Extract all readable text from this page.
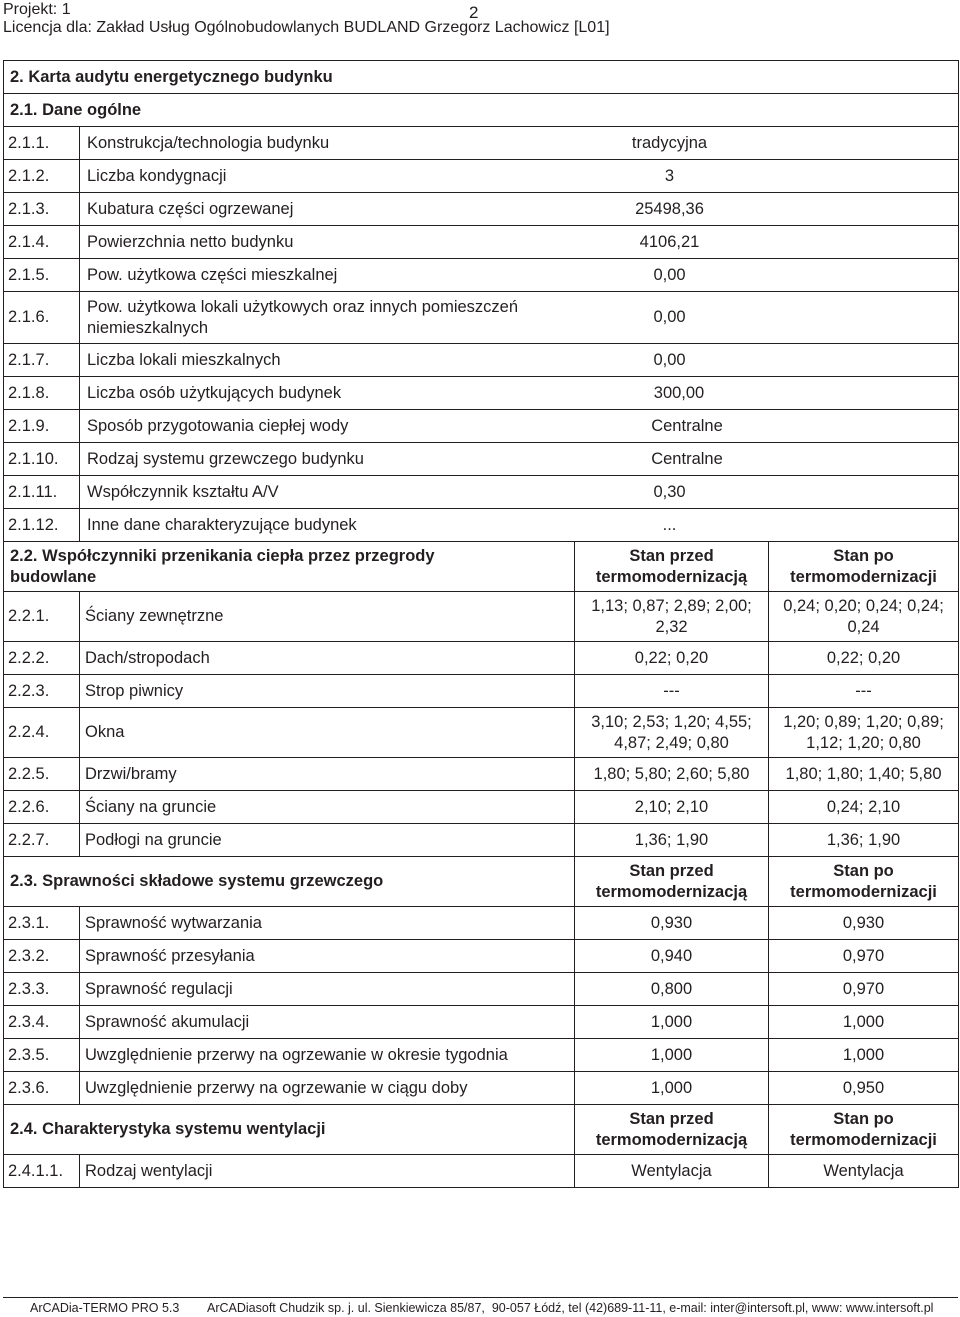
Projekt: 1	2
Licencja dla: Zakład Usług Ogólnobudowlanych BUDLAND Grzegorz Lachowicz [L01]
2. Karta audytu energetycznego budynku			
2.1. Dane ogólne			
2.1.1.	Konstrukcja/technologia budynku tradycyjna		

2.1.2.	Liczba kondygnacji 3		

2.1.3.	Kubatura części ogrzewanej 25498,36		

2.1.4.	Powierzchnia netto budynku 4106,21		

2.1.5.	Pow. użytkowa części mieszkalnej 0,00		

2.1.6.	Pow. użytkowa lokali użytkowych oraz innych pomieszczeń
niemieszkalnych
0,00		

2.1.7.	Liczba lokali mieszkalnych 0,00		

2.1.8.	Liczba osób użytkujących budynek 300,00		

2.1.9.	Sposób przygotowania ciepłej wody Centralne		

2.1.10.	Rodzaj systemu grzewczego budynku Centralne		

2.1.11.	Współczynnik kształtu A/V 0,30		

2.1.12.	Inne dane charakteryzujące budynek ...		

2.2. Współczynniki przenikania ciepła przez przegrody
budowlane		Stan przed
termomodernizacją	Stan po
termomodernizacji
2.2.1.	Ściany zewnętrzne	1,13; 0,87; 2,89; 2,00;
2,32	0,24; 0,20; 0,24; 0,24;
0,24
2.2.2.	Dach/stropodach	0,22; 0,20	0,22; 0,20
2.2.3.	Strop piwnicy	---	---
2.2.4.	Okna	3,10; 2,53; 1,20; 4,55;
4,87; 2,49; 0,80	1,20; 0,89; 1,20; 0,89;
1,12; 1,20; 0,80
2.2.5.	Drzwi/bramy	1,80; 5,80; 2,60; 5,80	1,80; 1,80; 1,40; 5,80
2.2.6.	Ściany na gruncie	2,10; 2,10	0,24; 2,10
2.2.7.	Podłogi na gruncie	1,36; 1,90	1,36; 1,90
2.3. Sprawności składowe systemu grzewczego		Stan przed
termomodernizacją	Stan po
termomodernizacji
2.3.1.	Sprawność wytwarzania	0,930	0,930
2.3.2.	Sprawność przesyłania	0,940	0,970
2.3.3.	Sprawność regulacji	0,800	0,970
2.3.4.	Sprawność akumulacji	1,000	1,000
2.3.5.	Uwzględnienie przerwy na ogrzewanie w okresie tygodnia	1,000	1,000
2.3.6.	Uwzględnienie przerwy na ogrzewanie w ciągu doby	1,000	0,950
2.4. Charakterystyka systemu wentylacji		Stan przed
termomodernizacją	Stan po
termomodernizacji
2.4.1.1.	Rodzaj wentylacji	Wentylacja	Wentylacja
ArCADia-TERMO PRO 5.3 ArCADiasoft Chudzik sp. j. ul. Sienkiewicza 85/87,  90-057 Łódź, tel (42)689-11-11, e-mail: inter@intersoft.pl, www: www.intersoft.pl
